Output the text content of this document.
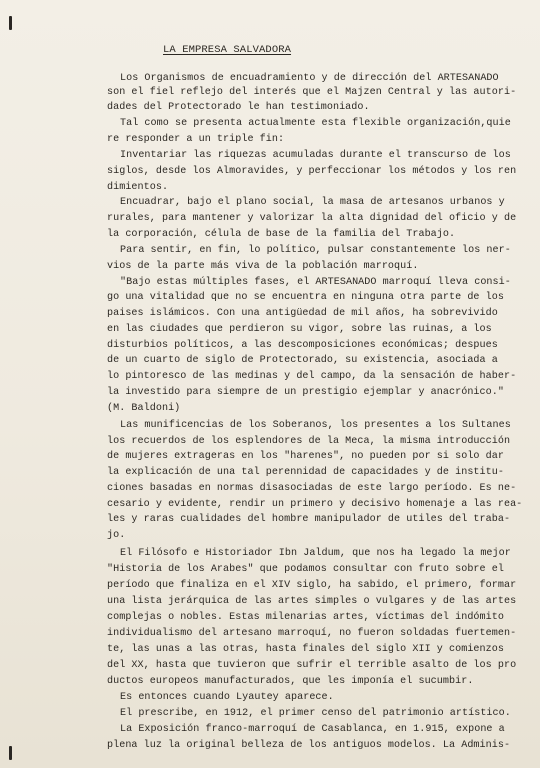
LA EMPRESA SALVADORA
Los Organismos de encuadramiento y de dirección del ARTESANADO
son el fiel reflejo del interés que el Majzen Central y las autori-
dades del Protectorado le han testimoniado.
Tal como se presenta actualmente esta flexible organización,quie
re responder a un triple fin:
Inventariar las riquezas acumuladas durante el transcurso de los
siglos, desde los Almoravides, y perfeccionar los métodos y los ren
dimientos.
Encuadrar, bajo el plano social, la masa de artesanos urbanos y
rurales, para mantener y valorizar la alta dignidad del oficio y de
la corporación, célula de base de la familia del Trabajo.
Para sentir, en fin, lo político, pulsar constantemente los ner-
vios de la parte más viva de la población marroquí.
"Bajo estas múltiples fases, el ARTESANADO marroquí lleva consi-
go una vitalidad que no se encuentra en ninguna otra parte de los
paises islámicos. Con una antigüedad de mil años, ha sobrevivido
en las ciudades que perdieron su vigor, sobre las ruinas, a los
disturbios políticos, a las descomposiciones económicas; despues
de un cuarto de siglo de Protectorado, su existencia, asociada a
lo pintoresco de las medinas y del campo, da la sensación de haber-
la investido para siempre de un prestigio ejemplar y anacrónico."
(M. Baldoni)
Las munificencias de los Soberanos, los presentes a los Sultanes
los recuerdos de los esplendores de la Meca, la misma introducción
de mujeres extrageras en los "harenes", no pueden por si solo dar
la explicación de una tal perennidad de capacidades y de institu-
ciones basadas en normas disasociadas de este largo período. Es ne-
cesario y evidente, rendir un primero y decisivo homenaje a las rea-
les y raras cualidades del hombre manipulador de utiles del traba-
jo.
El Filósofo e Historiador Ibn Jaldum, que nos ha legado la mejor
"Historia de los Arabes" que podamos consultar con fruto sobre el
período que finaliza en el XIV siglo, ha sabido, el primero, formar
una lista jerárquica de las artes simples o vulgares y de las artes
complejas o nobles. Estas milenarias artes, víctimas del indómito
individualismo del artesano marroquí, no fueron soldadas fuertemen-
te, las unas a las otras, hasta finales del siglo XII y comienzos
del XX, hasta que tuvieron que sufrir el terrible asalto de los pro
ductos europeos manufacturados, que les imponía el sucumbir.
Es entonces cuando Lyautey aparece.
El prescribe, en 1912, el primer censo del patrimonio artístico.
La Exposición franco-marroquí de Casablanca, en 1.915, expone a
plena luz la original belleza de los antiguos modelos. La Adminis-
